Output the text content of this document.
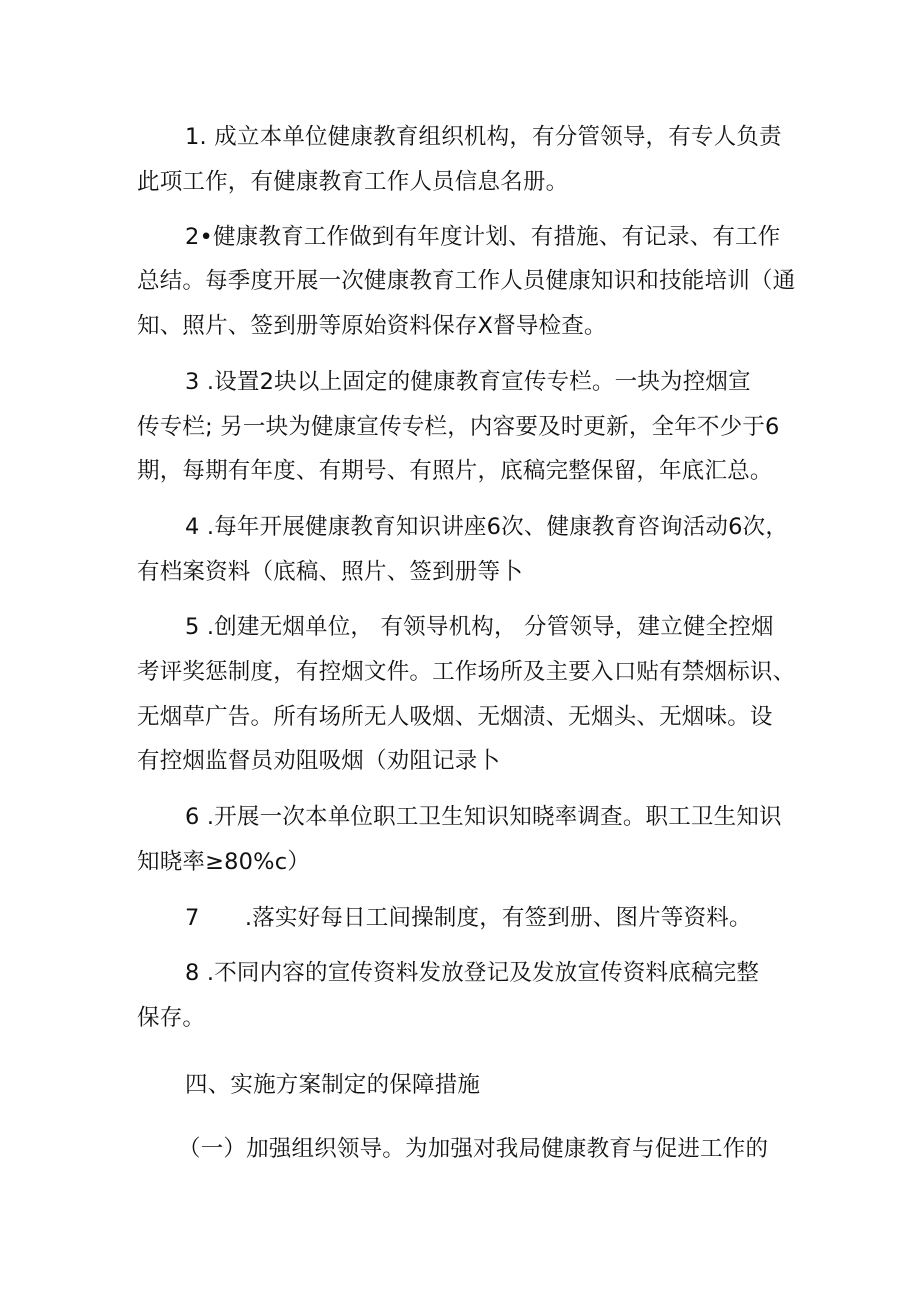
1. 成立本单位健康教育组织机构，有分管领导，有专人负责

此项工作，有健康教育工作人员信息名册。

2•健康教育工作做到有年度计划、有措施、有记录、有工作

总结。每季度开展一次健康教育工作人员健康知识和技能培训（通

知、照片、签到册等原始资料保存X督导检查。

3 .设置2块以上固定的健康教育宣传专栏。一块为控烟宣

传专栏; 另一块为健康宣传专栏，内容要及时更新，全年不少于6

期，每期有年度、有期号、有照片，底稿完整保留，年底汇总。

4 .每年开展健康教育知识讲座6次、健康教育咨询活动6次，

有档案资料（底稿、照片、签到册等卜

5 .创建无烟单位， 有领导机构， 分管领导，建立健全控烟

考评奖惩制度，有控烟文件。工作场所及主要入口贴有禁烟标识、

无烟草广告。所有场所无人吸烟、无烟渍、无烟头、无烟味。设

有控烟监督员劝阻吸烟（劝阻记录卜

6 .开展一次本单位职工卫生知识知晓率调查。职工卫生知识

知晓率≥80%c）

7　　.落实好每日工间操制度，有签到册、图片等资料。

8 .不同内容的宣传资料发放登记及发放宣传资料底稿完整

保存。

四、实施方案制定的保障措施

（一）加强组织领导。为加强对我局健康教育与促进工作的
